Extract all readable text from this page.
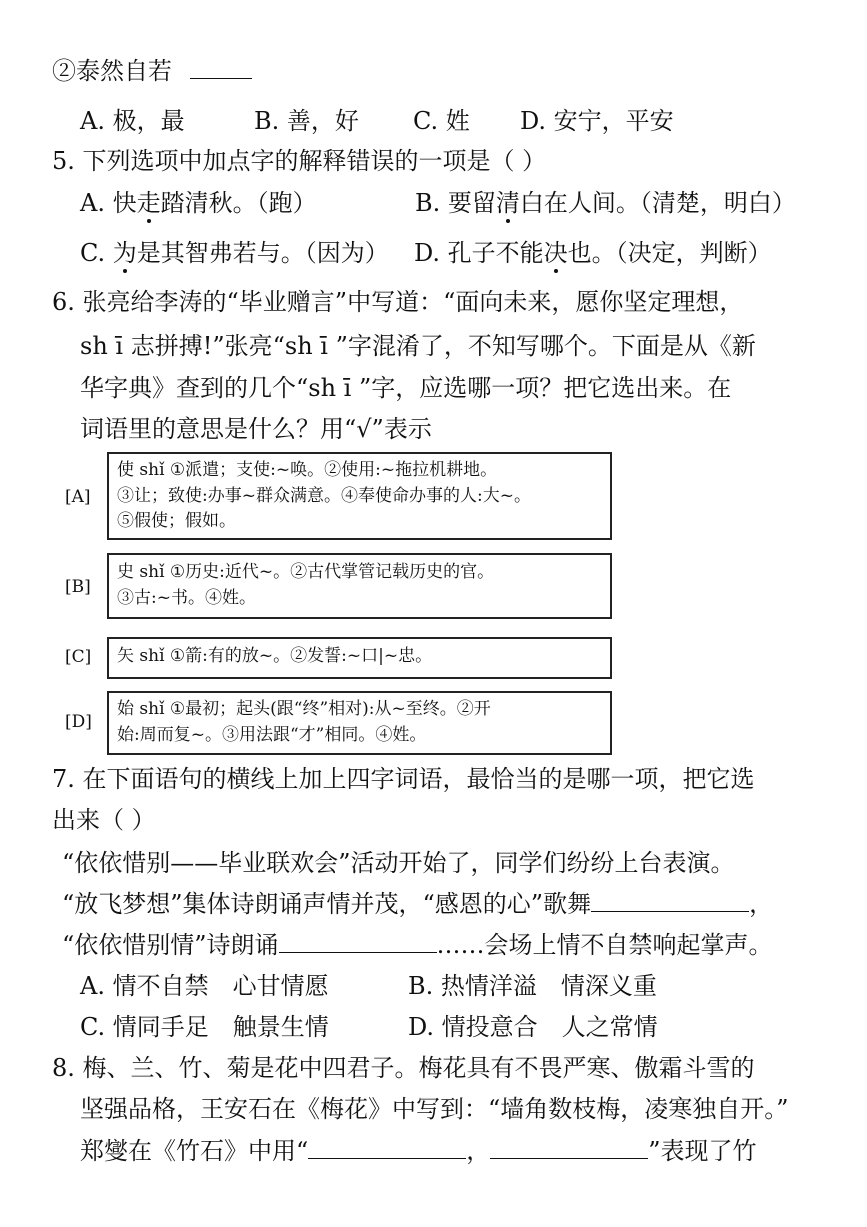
②泰然自若
A. 极，最	B. 善，好 C. 姓 D. 安宁，平安
5. 下列选项中加点字的解释错误的一项是（ ）
A. 快走踏清秋。（跑）	B. 要留清白在人间。（清楚，明白）
C. 为是其智弗若与。（因为） D. 孔子不能决也。（决定，判断）
6. 张亮给李涛的“毕业赠言”中写道：“面向未来，愿你坚定理想，
sh ī 志拼搏!”张亮“sh ī ”字混淆了，不知写哪个。下面是从《新
华字典》查到的几个“sh ī ”字，应选哪一项？把它选出来。在
词语里的意思是什么？用“√”表示
[A]
使 shǐ ①派遣；支使:~唤。②使用:~拖拉机耕地。
③让；致使:办事~群众满意。④奉使命办事的人:大~。
⑤假使；假如。
[B]
史 shǐ ①历史:近代~。②古代掌管记载历史的官。
③古:~书。④姓。
[C] 矢 shǐ ①箭:有的放~。②发誓:~口|~忠。
[D]
始 shǐ ①最初；起头(跟“终”相对):从~至终。②开
始:周而复~。③用法跟“才”相同。④姓。
7. 在下面语句的横线上加上四字词语，最恰当的是哪一项，把它选
出来（ ）
“依依惜别——毕业联欢会”活动开始了，同学们纷纷上台表演。
“放飞梦想”集体诗朗诵声情并茂，“感恩的心”歌舞	，
“依依惜别情”诗朗诵	……会场上情不自禁响起掌声。
A. 情不自禁　心甘情愿	B. 热情洋溢　情深义重
C. 情同手足　触景生情	D. 情投意合　人之常情
8. 梅、兰、竹、菊是花中四君子。梅花具有不畏严寒、傲霜斗雪的
坚强品格，王安石在《梅花》中写到：“墙角数枝梅，凌寒独自开。”
郑燮在《竹石》中用“	，	”表现了竹
